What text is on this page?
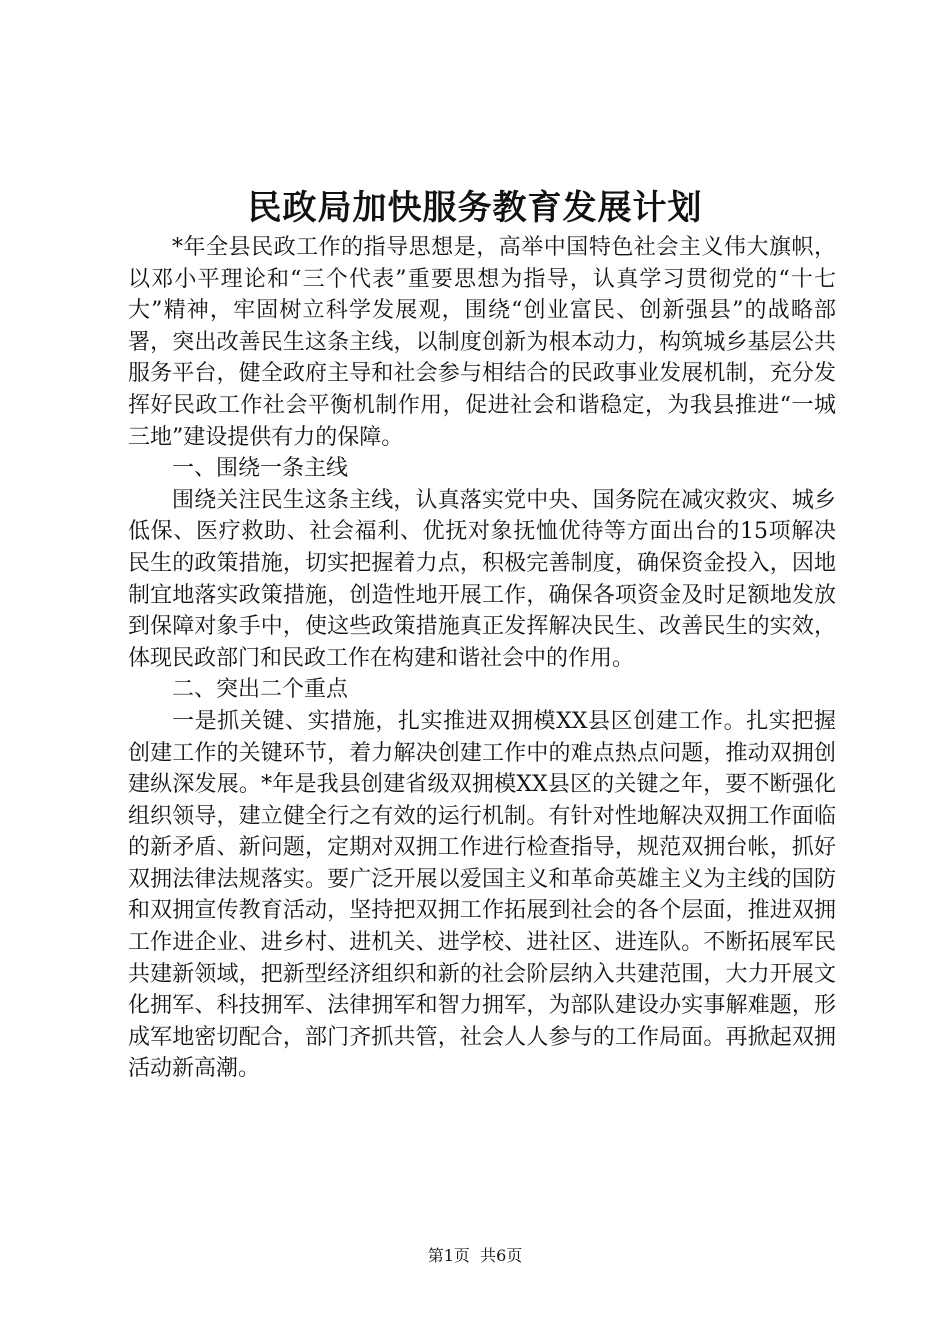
民政局加快服务教育发展计划

*年全县民政工作的指导思想是，高举中国特色社会主义伟大旗帜，以邓小平理论和“三个代表”重要思想为指导，认真学习贯彻党的“十七大”精神，牢固树立科学发展观，围绕“创业富民、创新强县”的战略部署，突出改善民生这条主线，以制度创新为根本动力，构筑城乡基层公共服务平台，健全政府主导和社会参与相结合的民政事业发展机制，充分发挥好民政工作社会平衡机制作用，促进社会和谐稳定，为我县推进“一城三地”建设提供有力的保障。

一、围绕一条主线

围绕关注民生这条主线，认真落实党中央、国务院在减灾救灾、城乡低保、医疗救助、社会福利、优抚对象抚恤优待等方面出台的15项解决民生的政策措施，切实把握着力点，积极完善制度，确保资金投入，因地制宜地落实政策措施，创造性地开展工作，确保各项资金及时足额地发放到保障对象手中，使这些政策措施真正发挥解决民生、改善民生的实效，体现民政部门和民政工作在构建和谐社会中的作用。

二、突出二个重点

一是抓关键、实措施，扎实推进双拥模XX县区创建工作。扎实把握创建工作的关键环节，着力解决创建工作中的难点热点问题，推动双拥创建纵深发展。*年是我县创建省级双拥模XX县区的关键之年，要不断强化组织领导，建立健全行之有效的运行机制。有针对性地解决双拥工作面临的新矛盾、新问题，定期对双拥工作进行检查指导，规范双拥台帐，抓好双拥法律法规落实。要广泛开展以爱国主义和革命英雄主义为主线的国防和双拥宣传教育活动，坚持把双拥工作拓展到社会的各个层面，推进双拥工作进企业、进乡村、进机关、进学校、进社区、进连队。不断拓展军民共建新领域，把新型经济组织和新的社会阶层纳入共建范围，大力开展文化拥军、科技拥军、法律拥军和智力拥军，为部队建设办实事解难题，形成军地密切配合，部门齐抓共管，社会人人参与的工作局面。再掀起双拥活动新高潮。

第1页 共6页
